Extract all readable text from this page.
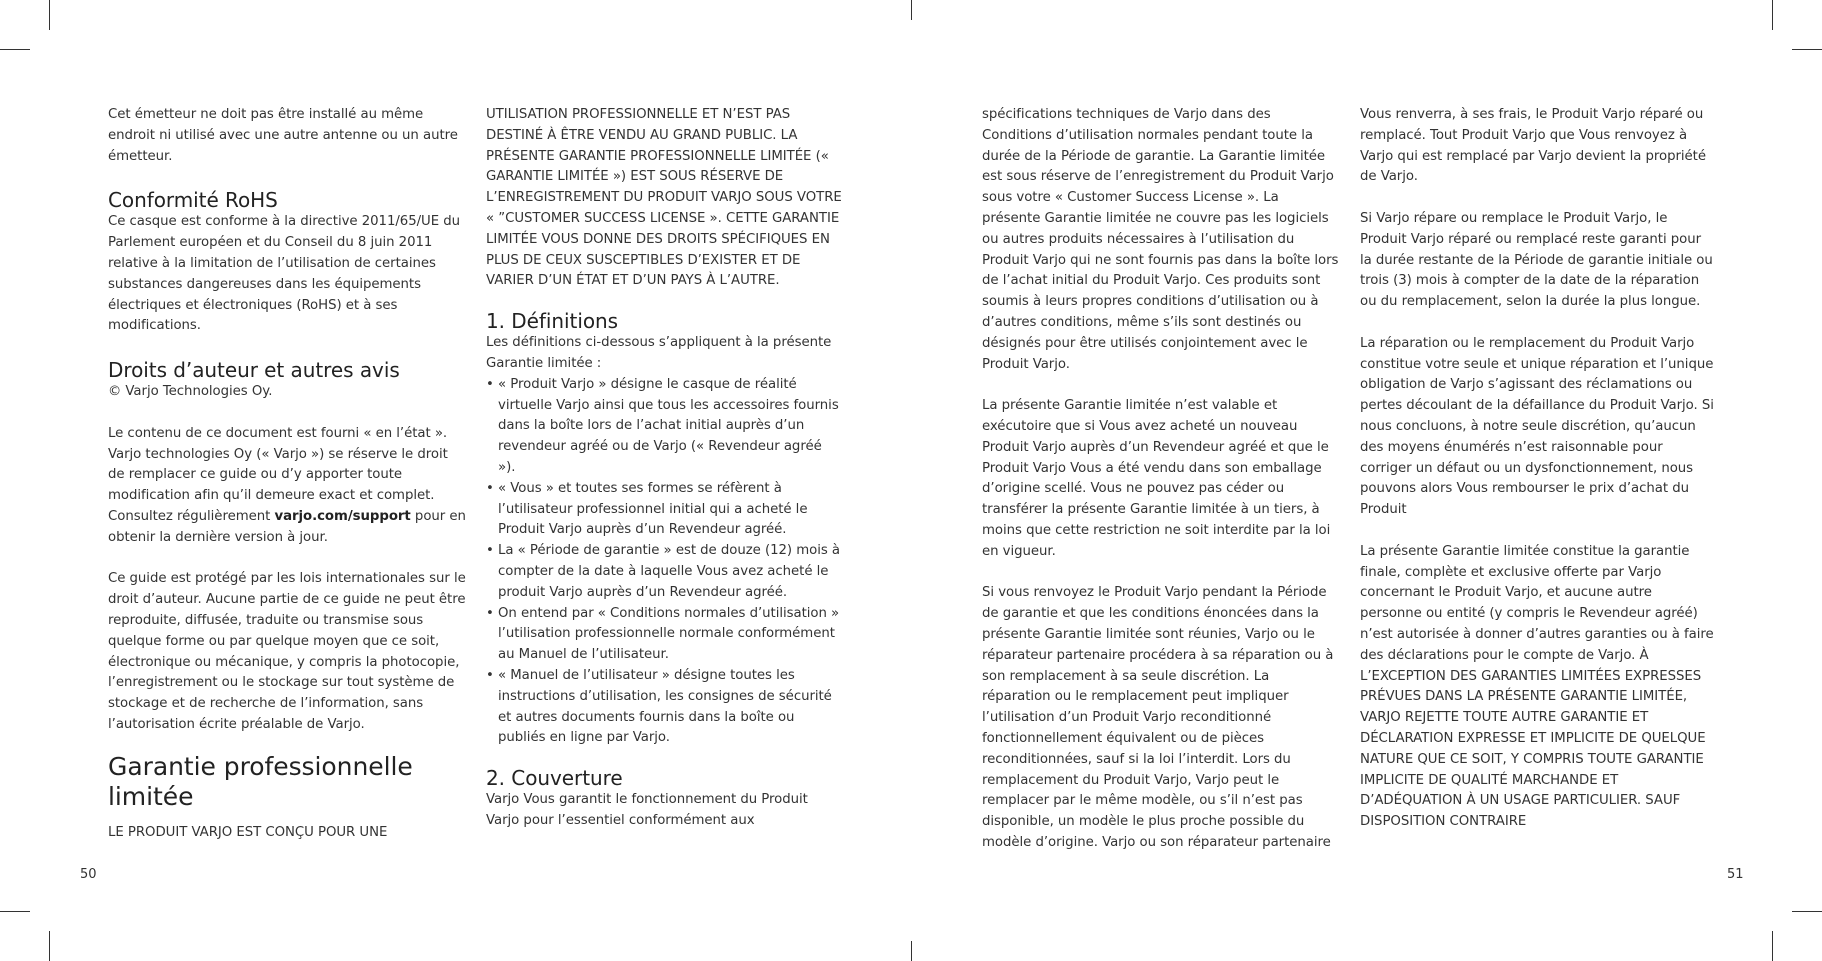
Cet émetteur ne doit pas être installé au même endroit ni utilisé avec une autre antenne ou un autre émetteur.

Conformité RoHS

Ce casque est conforme à la directive 2011/65/UE du Parlement européen et du Conseil du 8 juin 2011 relative à la limitation de l’utilisation de certaines substances dangereuses dans les équipements électriques et électroniques (RoHS) et à ses modifications.

Droits d’auteur et autres avis

© Varjo Technologies Oy.

Le contenu de ce document est fourni « en l’état ». Varjo technologies Oy (« Varjo ») se réserve le droit de remplacer ce guide ou d’y apporter toute modification afin qu’il demeure exact et complet. Consultez régulièrement varjo.com/support pour en obtenir la dernière version à jour.

Ce guide est protégé par les lois internationales sur le droit d’auteur. Aucune partie de ce guide ne peut être reproduite, diffusée, traduite ou transmise sous quelque forme ou par quelque moyen que ce soit, électronique ou mécanique, y compris la photocopie, l’enregistrement ou le stockage sur tout système de stockage et de recherche de l’information, sans l’autorisation écrite préalable de Varjo.

Garantie professionnelle limitée

LE PRODUIT VARJO EST CONÇU POUR UNE

UTILISATION PROFESSIONNELLE ET N’EST PAS DESTINÉ À ÊTRE VENDU AU GRAND PUBLIC. LA PRÉSENTE GARANTIE PROFESSIONNELLE LIMITÉE (« GARANTIE LIMITÉE ») EST SOUS RÉSERVE DE L’ENREGISTREMENT DU PRODUIT VARJO SOUS VOTRE « ”CUSTOMER SUCCESS LICENSE ». CETTE GARANTIE LIMITÉE VOUS DONNE DES DROITS SPÉCIFIQUES EN PLUS DE CEUX SUSCEPTIBLES D’EXISTER ET DE VARIER D’UN ÉTAT ET D’UN PAYS À L’AUTRE.

1. Définitions

Les définitions ci-dessous s’appliquent à la présente Garantie limitée :

• « Produit Varjo » désigne le casque de réalité virtuelle Varjo ainsi que tous les accessoires fournis dans la boîte lors de l’achat initial auprès d’un revendeur agréé ou de Varjo (« Revendeur agréé »).
• « Vous » et toutes ses formes se réfèrent à l’utilisateur professionnel initial qui a acheté le Produit Varjo auprès d’un Revendeur agréé.
• La « Période de garantie » est de douze (12) mois à compter de la date à laquelle Vous avez acheté le produit Varjo auprès d’un Revendeur agréé.
• On entend par « Conditions normales d’utilisation » l’utilisation professionnelle normale conformément au Manuel de l’utilisateur.
• « Manuel de l’utilisateur » désigne toutes les instructions d’utilisation, les consignes de sécurité et autres documents fournis dans la boîte ou publiés en ligne par Varjo.
2. Couverture

Varjo Vous garantit le fonctionnement du Produit Varjo pour l’essentiel conformément aux

spécifications techniques de Varjo dans des Conditions d’utilisation normales pendant toute la durée de la Période de garantie. La Garantie limitée est sous réserve de l’enregistrement du Produit Varjo sous votre « Customer Success License ». La présente Garantie limitée ne couvre pas les logiciels ou autres produits nécessaires à l’utilisation du Produit Varjo qui ne sont fournis pas dans la boîte lors de l’achat initial du Produit Varjo. Ces produits sont soumis à leurs propres conditions d’utilisation ou à d’autres conditions, même s’ils sont destinés ou désignés pour être utilisés conjointement avec le Produit Varjo.

La présente Garantie limitée n’est valable et exécutoire que si Vous avez acheté un nouveau Produit Varjo auprès d’un Revendeur agréé et que le Produit Varjo Vous a été vendu dans son emballage d’origine scellé. Vous ne pouvez pas céder ou transférer la présente Garantie limitée à un tiers, à moins que cette restriction ne soit interdite par la loi en vigueur.

Si vous renvoyez le Produit Varjo pendant la Période de garantie et que les conditions énoncées dans la présente Garantie limitée sont réunies, Varjo ou le réparateur partenaire procédera à sa réparation ou à son remplacement à sa seule discrétion. La réparation ou le remplacement peut impliquer l’utilisation d’un Produit Varjo reconditionné fonctionnellement équivalent ou de pièces reconditionnées, sauf si la loi l’interdit. Lors du remplacement du Produit Varjo, Varjo peut le remplacer par le même modèle, ou s’il n’est pas disponible, un modèle le plus proche possible du modèle d’origine. Varjo ou son réparateur partenaire

Vous renverra, à ses frais, le Produit Varjo réparé ou remplacé. Tout Produit Varjo que Vous renvoyez à Varjo qui est remplacé par Varjo devient la propriété de Varjo.

Si Varjo répare ou remplace le Produit Varjo, le Produit Varjo réparé ou remplacé reste garanti pour la durée restante de la Période de garantie initiale ou trois (3) mois à compter de la date de la réparation ou du remplacement, selon la durée la plus longue.

La réparation ou le remplacement du Produit Varjo constitue votre seule et unique réparation et l’unique obligation de Varjo s’agissant des réclamations ou pertes découlant de la défaillance du Produit Varjo. Si nous concluons, à notre seule discrétion, qu’aucun des moyens énumérés n’est raisonnable pour corriger un défaut ou un dysfonctionnement, nous pouvons alors Vous rembourser le prix d’achat du Produit

La présente Garantie limitée constitue la garantie finale, complète et exclusive offerte par Varjo concernant le Produit Varjo, et aucune autre personne ou entité (y compris le Revendeur agréé) n’est autorisée à donner d’autres garanties ou à faire des déclarations pour le compte de Varjo. À L’EXCEPTION DES GARANTIES LIMITÉES EXPRESSES PRÉVUES DANS LA PRÉSENTE GARANTIE LIMITÉE, VARJO REJETTE TOUTE AUTRE GARANTIE ET DÉCLARATION EXPRESSE ET IMPLICITE DE QUELQUE NATURE QUE CE SOIT, Y COMPRIS TOUTE GARANTIE IMPLICITE DE QUALITÉ MARCHANDE ET D’ADÉQUATION À UN USAGE PARTICULIER. SAUF DISPOSITION CONTRAIRE

50	51
